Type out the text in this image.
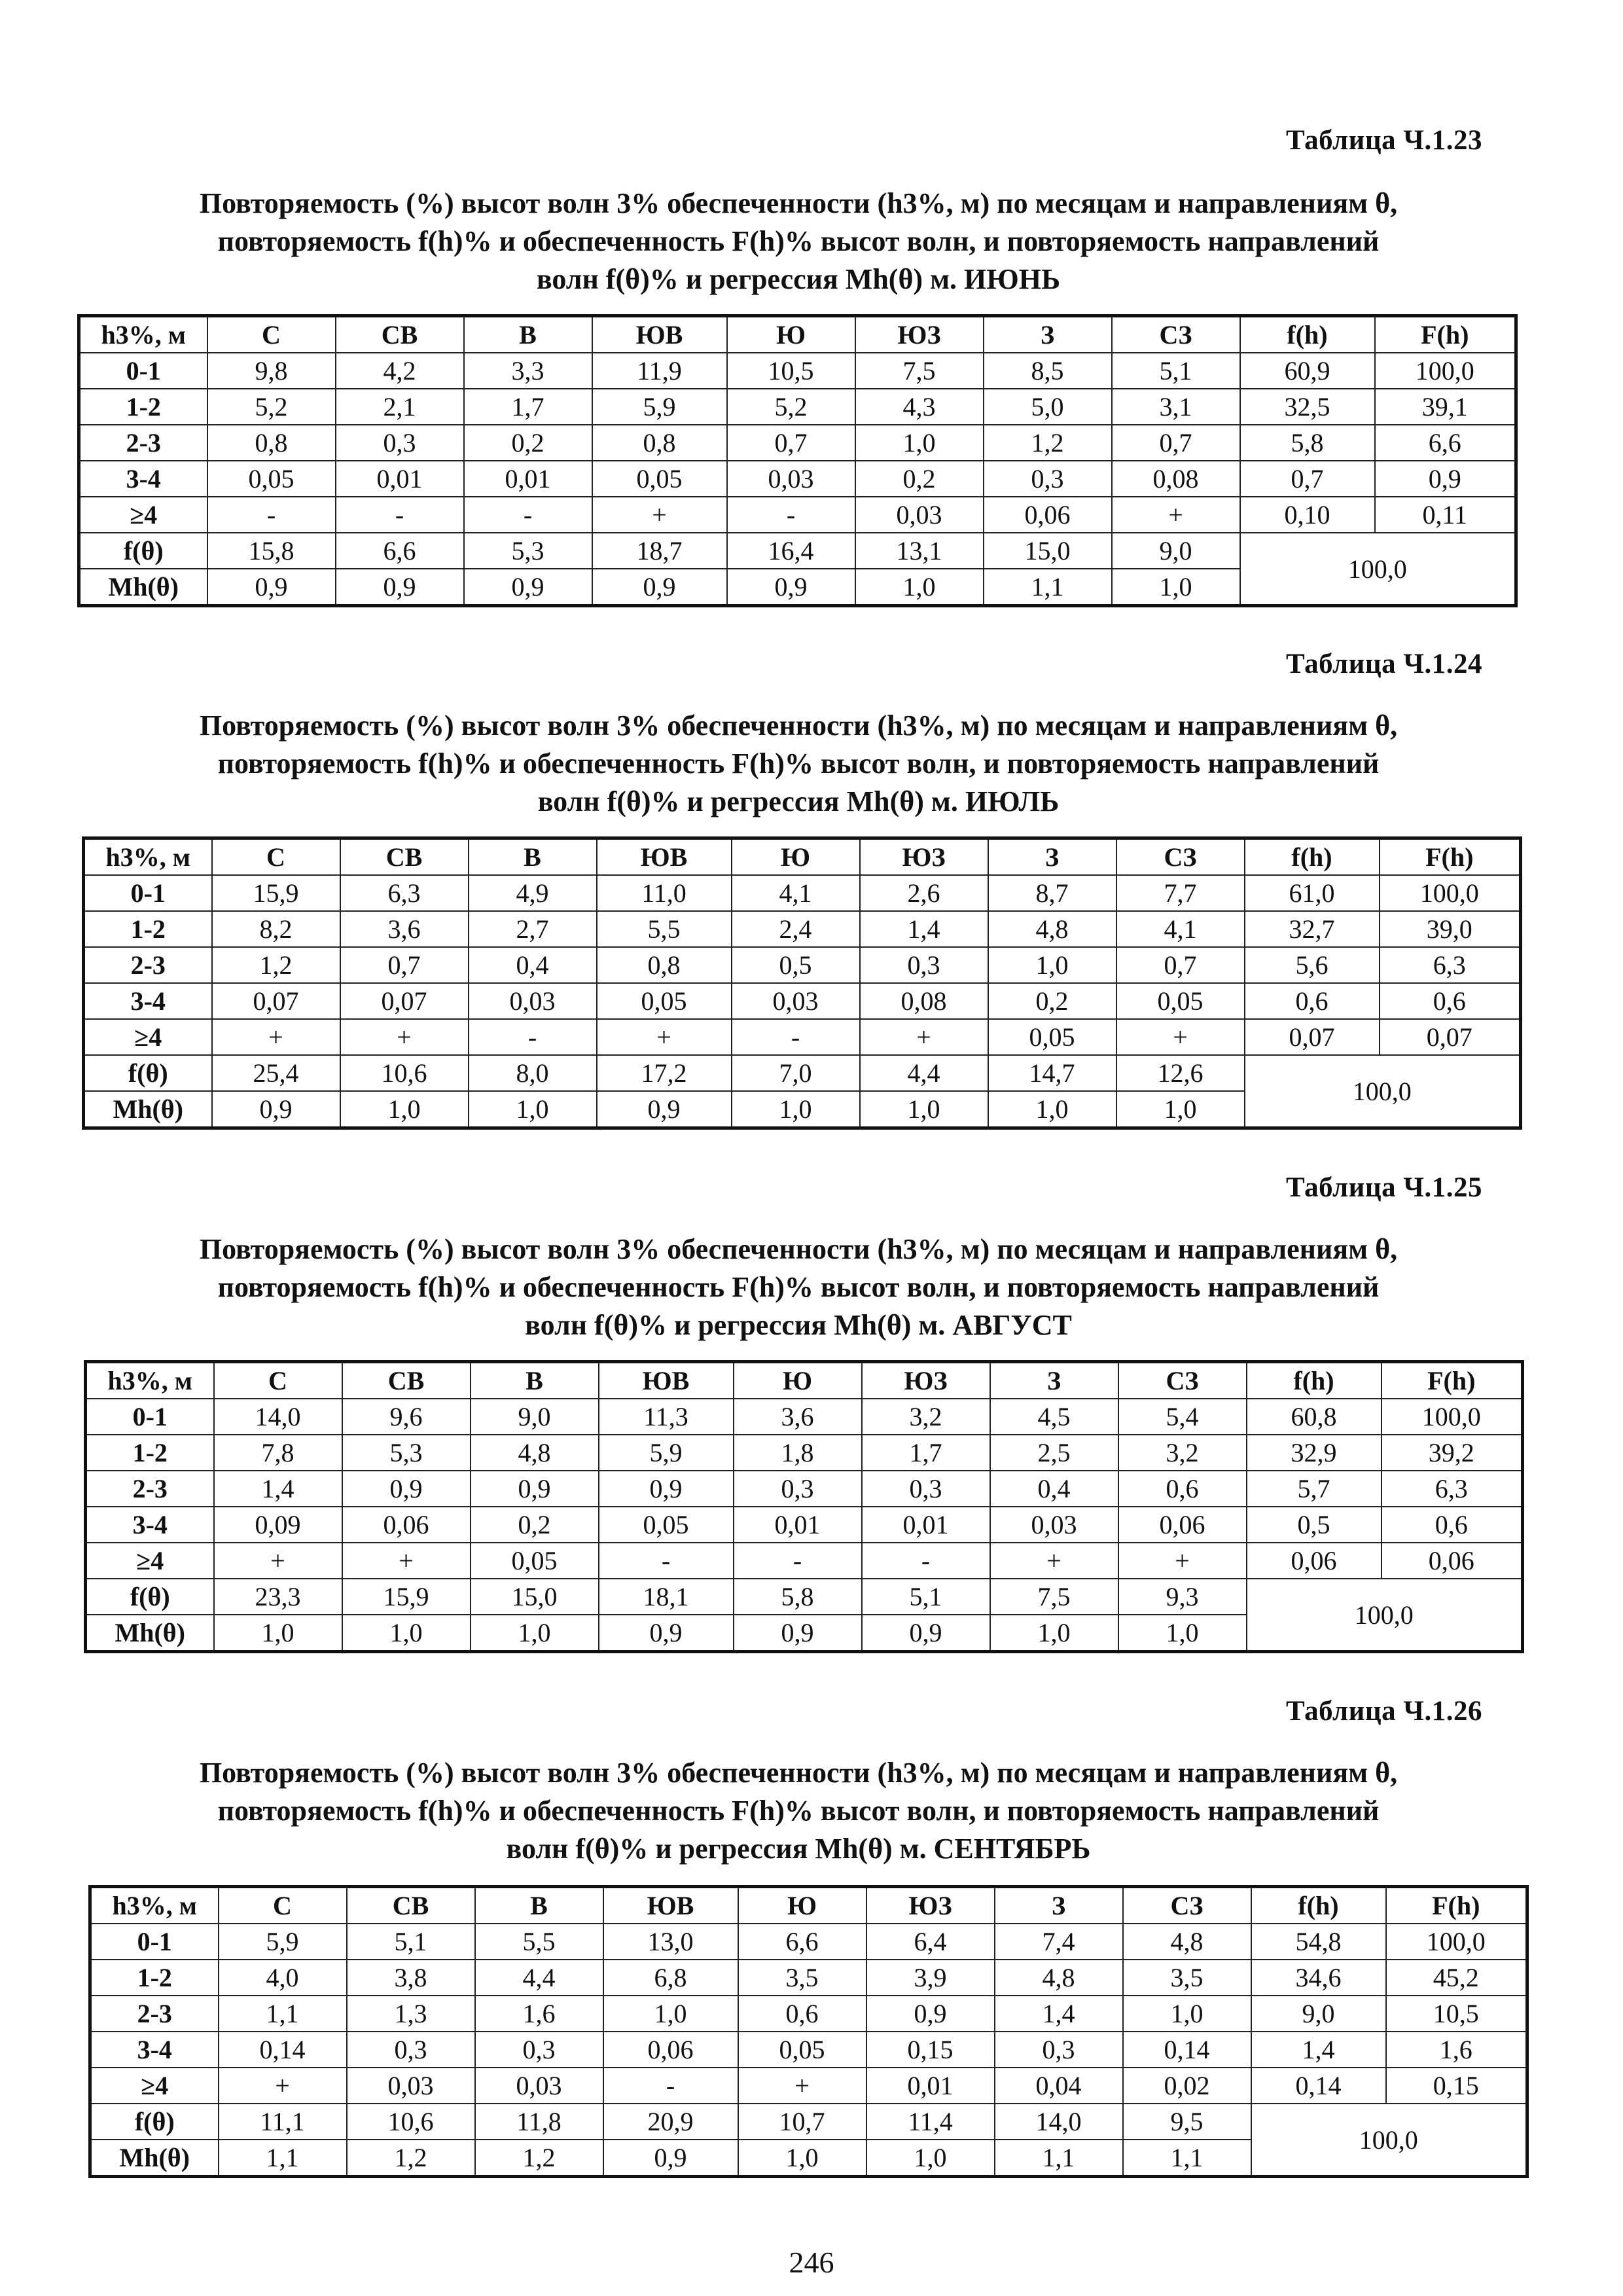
Таблица Ч.1.23
Повторяемость (%) высот волн 3% обеспеченности (h3%, м) по месяцам и направлениям θ,
повторяемость f(h)% и обеспеченность F(h)% высот волн, и повторяемость направлений
волн f(θ)% и регрессия Mh(θ) м. ИЮНЬ
h3%, м	С	СВ	В	ЮВ	Ю	ЮЗ	З	СЗ	f(h)	F(h)
0-1	9,8	4,2	3,3	11,9	10,5	7,5	8,5	5,1	60,9	100,0
1-2	5,2	2,1	1,7	5,9	5,2	4,3	5,0	3,1	32,5	39,1
2-3	0,8	0,3	0,2	0,8	0,7	1,0	1,2	0,7	5,8	6,6
3-4	0,05	0,01	0,01	0,05	0,03	0,2	0,3	0,08	0,7	0,9
≥4	-	-	-	+	-	0,03	0,06	+	0,10	0,11
f(θ)	15,8	6,6	5,3	18,7	16,4	13,1	15,0	9,0	100,0	
Mh(θ)	0,9	0,9	0,9	0,9	0,9	1,0	1,1	1,0		
Таблица Ч.1.24
Повторяемость (%) высот волн 3% обеспеченности (h3%, м) по месяцам и направлениям θ,
повторяемость f(h)% и обеспеченность F(h)% высот волн, и повторяемость направлений
волн f(θ)% и регрессия Mh(θ) м. ИЮЛЬ
h3%, м	С	СВ	В	ЮВ	Ю	ЮЗ	З	СЗ	f(h)	F(h)
0-1	15,9	6,3	4,9	11,0	4,1	2,6	8,7	7,7	61,0	100,0
1-2	8,2	3,6	2,7	5,5	2,4	1,4	4,8	4,1	32,7	39,0
2-3	1,2	0,7	0,4	0,8	0,5	0,3	1,0	0,7	5,6	6,3
3-4	0,07	0,07	0,03	0,05	0,03	0,08	0,2	0,05	0,6	0,6
≥4	+	+	-	+	-	+	0,05	+	0,07	0,07
f(θ)	25,4	10,6	8,0	17,2	7,0	4,4	14,7	12,6	100,0	
Mh(θ)	0,9	1,0	1,0	0,9	1,0	1,0	1,0	1,0		
Таблица Ч.1.25
Повторяемость (%) высот волн 3% обеспеченности (h3%, м) по месяцам и направлениям θ,
повторяемость f(h)% и обеспеченность F(h)% высот волн, и повторяемость направлений
волн f(θ)% и регрессия Mh(θ) м. АВГУСТ
h3%, м	С	СВ	В	ЮВ	Ю	ЮЗ	З	СЗ	f(h)	F(h)
0-1	14,0	9,6	9,0	11,3	3,6	3,2	4,5	5,4	60,8	100,0
1-2	7,8	5,3	4,8	5,9	1,8	1,7	2,5	3,2	32,9	39,2
2-3	1,4	0,9	0,9	0,9	0,3	0,3	0,4	0,6	5,7	6,3
3-4	0,09	0,06	0,2	0,05	0,01	0,01	0,03	0,06	0,5	0,6
≥4	+	+	0,05	-	-	-	+	+	0,06	0,06
f(θ)	23,3	15,9	15,0	18,1	5,8	5,1	7,5	9,3	100,0	
Mh(θ)	1,0	1,0	1,0	0,9	0,9	0,9	1,0	1,0		
Таблица Ч.1.26
Повторяемость (%) высот волн 3% обеспеченности (h3%, м) по месяцам и направлениям θ,
повторяемость f(h)% и обеспеченность F(h)% высот волн, и повторяемость направлений
волн f(θ)% и регрессия Mh(θ) м. СЕНТЯБРЬ
h3%, м	С	СВ	В	ЮВ	Ю	ЮЗ	З	СЗ	f(h)	F(h)
0-1	5,9	5,1	5,5	13,0	6,6	6,4	7,4	4,8	54,8	100,0
1-2	4,0	3,8	4,4	6,8	3,5	3,9	4,8	3,5	34,6	45,2
2-3	1,1	1,3	1,6	1,0	0,6	0,9	1,4	1,0	9,0	10,5
3-4	0,14	0,3	0,3	0,06	0,05	0,15	0,3	0,14	1,4	1,6
≥4	+	0,03	0,03	-	+	0,01	0,04	0,02	0,14	0,15
f(θ)	11,1	10,6	11,8	20,9	10,7	11,4	14,0	9,5	100,0	
Mh(θ)	1,1	1,2	1,2	0,9	1,0	1,0	1,1	1,1		
246
